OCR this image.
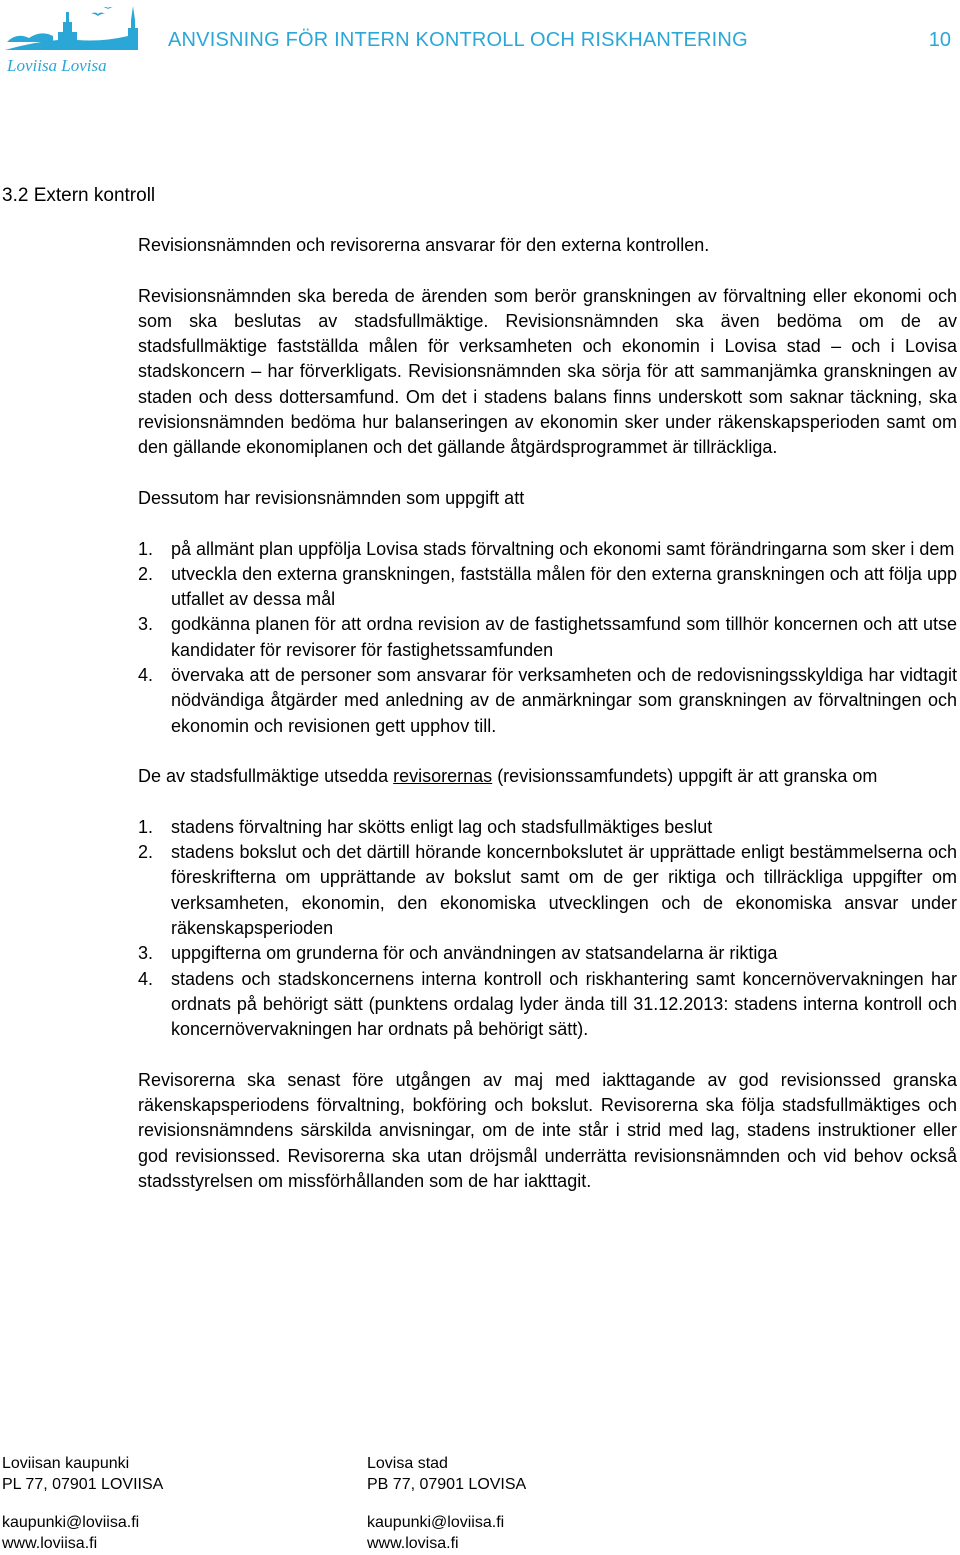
Loviisa Lovisa
ANVISNING FÖR INTERN KONTROLL OCH RISKHANTERING	10
3.2 Extern kontroll

Revisionsnämnden och revisorerna ansvarar för den externa kontrollen.

Revisionsnämnden ska bereda de ärenden som berör granskningen av förvaltning eller ekonomi och som ska beslutas av stadsfullmäktige. Revisionsnämnden ska även bedöma om de av stadsfullmäktige fastställda målen för verksamheten och ekonomin i Lovisa stad – och i Lovisa stadskoncern – har förverkligats. Revisionsnämnden ska sörja för att sammanjämka granskningen av staden och dess dottersamfund. Om det i stadens balans finns underskott som saknar täckning, ska revisionsnämnden bedöma hur balanseringen av ekonomin sker under räkenskapsperioden samt om den gällande ekonomiplanen och det gällande åtgärdsprogrammet är tillräckliga.

Dessutom har revisionsnämnden som uppgift att

1. på allmänt plan uppfölja Lovisa stads förvaltning och ekonomi samt förändringarna som sker i dem
2. utveckla den externa granskningen, fastställa målen för den externa granskningen och att följa upp utfallet av dessa mål
3. godkänna planen för att ordna revision av de fastighetssamfund som tillhör koncernen och att utse kandidater för revisorer för fastighetssamfunden
4. övervaka att de personer som ansvarar för verksamheten och de redovisningsskyldiga har vidtagit nödvändiga åtgärder med anledning av de anmärkningar som granskningen av förvaltningen och ekonomin och revisionen gett upphov till.

De av stadsfullmäktige utsedda revisorernas (revisionssamfundets) uppgift är att granska om

1. stadens förvaltning har skötts enligt lag och stadsfullmäktiges beslut
2. stadens bokslut och det därtill hörande koncernbokslutet är upprättade enligt bestämmelserna och föreskrifterna om upprättande av bokslut samt om de ger riktiga och tillräckliga uppgifter om verksamheten, ekonomin, den ekonomiska utvecklingen och de ekonomiska ansvar under räkenskapsperioden
3. uppgifterna om grunderna för och användningen av statsandelarna är riktiga
4. stadens och stadskoncernens interna kontroll och riskhantering samt koncernövervakningen har ordnats på behörigt sätt (punktens ordalag lyder ända till 31.12.2013: stadens interna kontroll och koncernövervakningen har ordnats på behörigt sätt).

Revisorerna ska senast före utgången av maj med iakttagande av god revisionssed granska räkenskapsperiodens förvaltning, bokföring och bokslut. Revisorerna ska följa stadsfullmäktiges och revisionsnämndens särskilda anvisningar, om de inte står i strid med lag, stadens instruktioner eller god revisionssed. Revisorerna ska utan dröjsmål underrätta revisionsnämnden och vid behov också stadsstyrelsen om missförhållanden som de har iakttagit.

Loviisan kaupunki
PL 77, 07901 LOVIISA
kaupunki@loviisa.fi
www.loviisa.fi
Lovisa stad
PB 77, 07901 LOVISA
kaupunki@loviisa.fi
www.lovisa.fi
